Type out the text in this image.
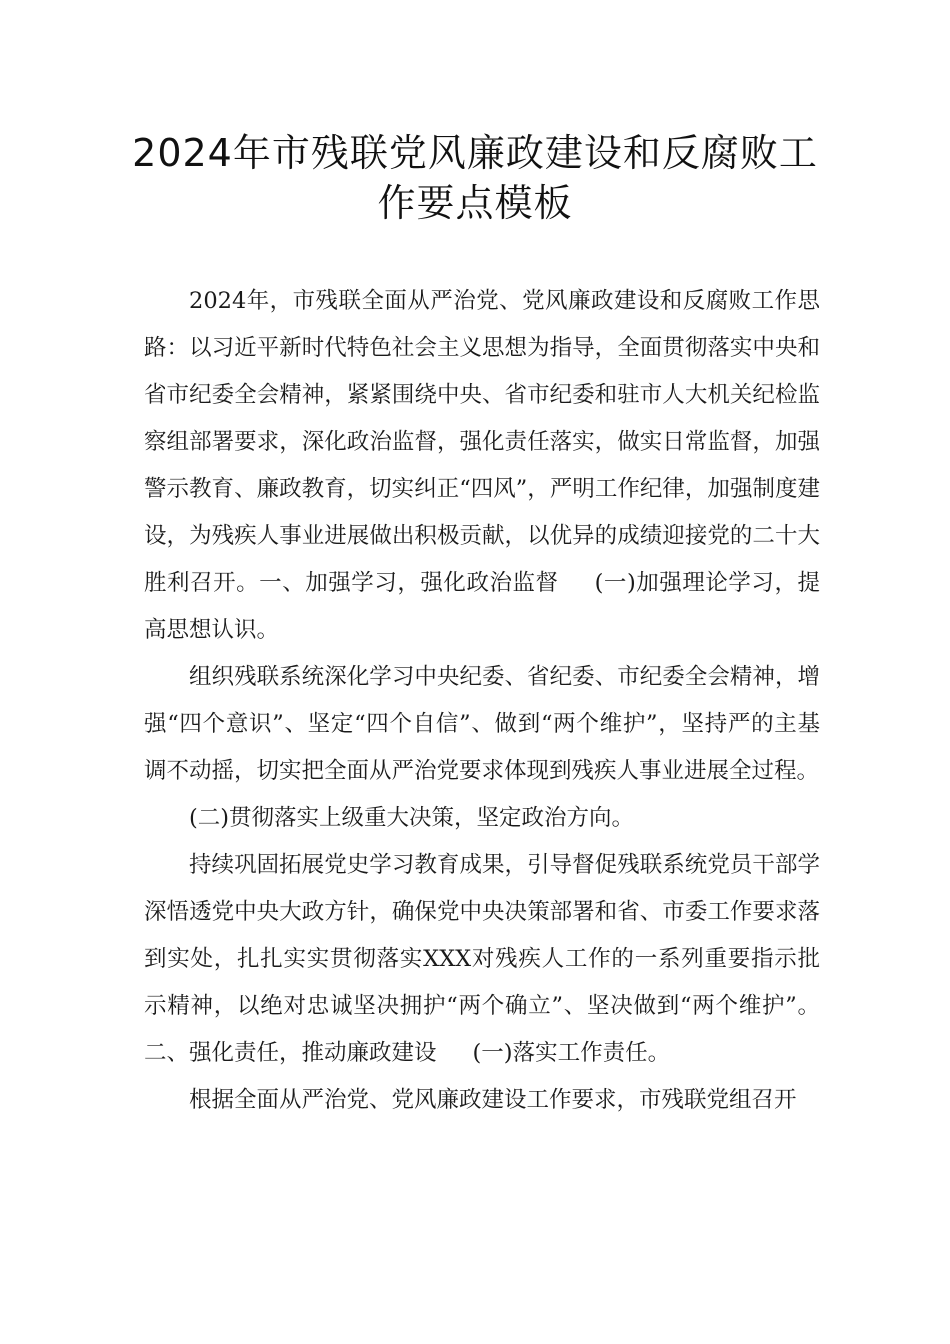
2024年市残联党风廉政建设和反腐败工
作要点模板

2024年，市残联全面从严治党、党风廉政建设和反腐败工作思路：以习近平新时代特色社会主义思想为指导，全面贯彻落实中央和省市纪委全会精神，紧紧围绕中央、省市纪委和驻市人大机关纪检监察组部署要求，深化政治监督，强化责任落实，做实日常监督，加强警示教育、廉政教育，切实纠正“四风”，严明工作纪律，加强制度建设，为残疾人事业进展做出积极贡献，以优异的成绩迎接党的二十大胜利召开。一、加强学习，强化政治监督 (一)加强理论学习，提高思想认识。

组织残联系统深化学习中央纪委、省纪委、市纪委全会精神，增强“四个意识”、坚定“四个自信”、做到“两个维护”，坚持严的主基调不动摇，切实把全面从严治党要求体现到残疾人事业进展全过程。

(二)贯彻落实上级重大决策，坚定政治方向。

持续巩固拓展党史学习教育成果，引导督促残联系统党员干部学深悟透党中央大政方针，确保党中央决策部署和省、市委工作要求落到实处，扎扎实实贯彻落实XXX对残疾人工作的一系列重要指示批示精神，以绝对忠诚坚决拥护“两个确立”、坚决做到“两个维护”。二、强化责任，推动廉政建设 (一)落实工作责任。

根据全面从严治党、党风廉政建设工作要求，市残联党组召开
